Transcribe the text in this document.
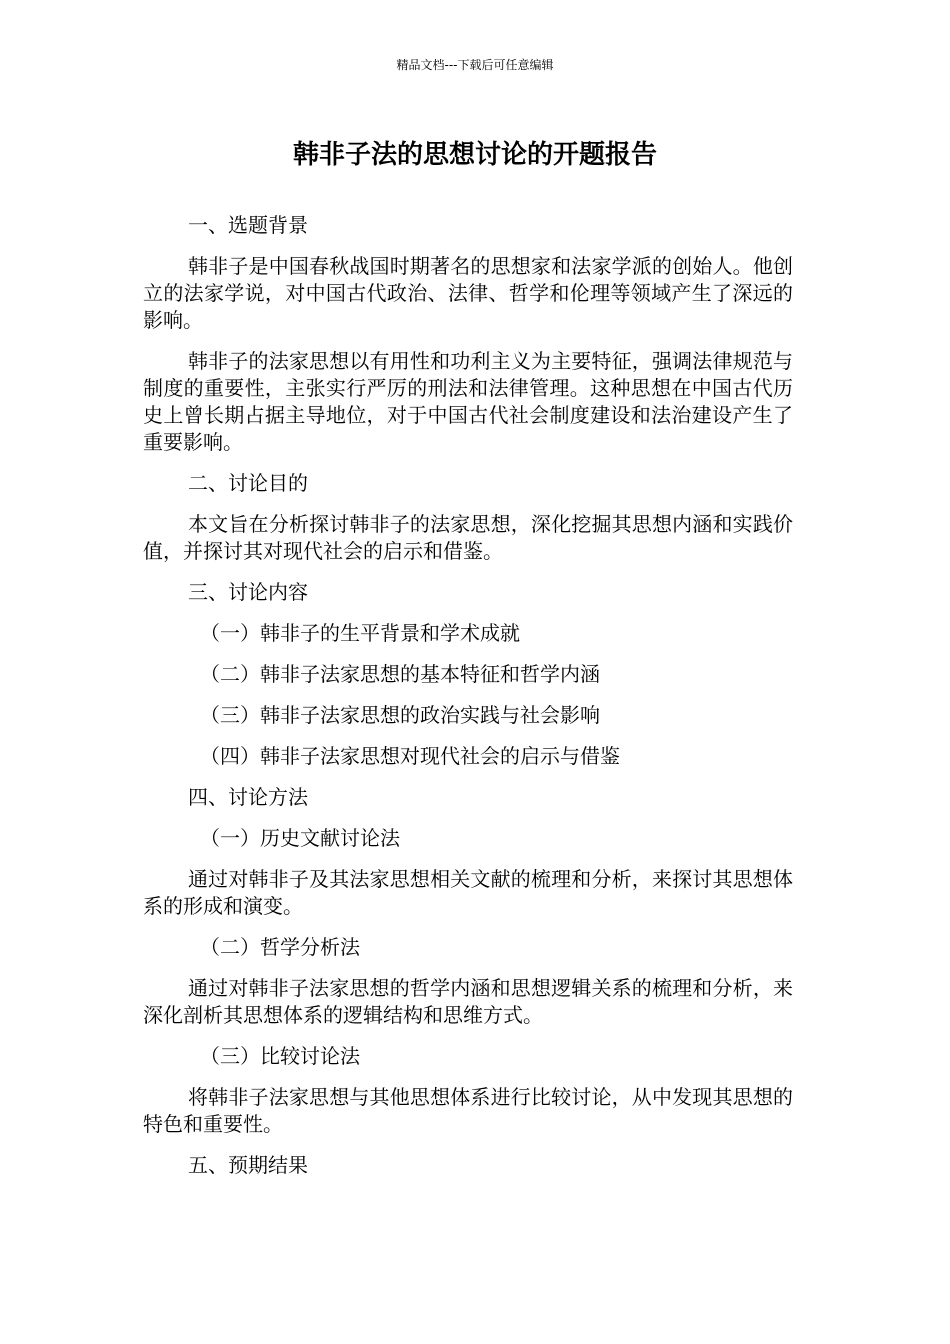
精品文档---下载后可任意编辑
韩非子法的思想讨论的开题报告

一、选题背景

韩非子是中国春秋战国时期著名的思想家和法家学派的创始人。他创立的法家学说，对中国古代政治、法律、哲学和伦理等领域产生了深远的影响。

韩非子的法家思想以有用性和功利主义为主要特征，强调法律规范与制度的重要性，主张实行严厉的刑法和法律管理。这种思想在中国古代历史上曾长期占据主导地位，对于中国古代社会制度建设和法治建设产生了重要影响。

二、讨论目的

本文旨在分析探讨韩非子的法家思想，深化挖掘其思想内涵和实践价值，并探讨其对现代社会的启示和借鉴。

三、讨论内容

（一）韩非子的生平背景和学术成就

（二）韩非子法家思想的基本特征和哲学内涵

（三）韩非子法家思想的政治实践与社会影响

（四）韩非子法家思想对现代社会的启示与借鉴

四、讨论方法

（一）历史文献讨论法

通过对韩非子及其法家思想相关文献的梳理和分析，来探讨其思想体系的形成和演变。

（二）哲学分析法

通过对韩非子法家思想的哲学内涵和思想逻辑关系的梳理和分析，来深化剖析其思想体系的逻辑结构和思维方式。

（三）比较讨论法

将韩非子法家思想与其他思想体系进行比较讨论，从中发现其思想的特色和重要性。

五、预期结果
